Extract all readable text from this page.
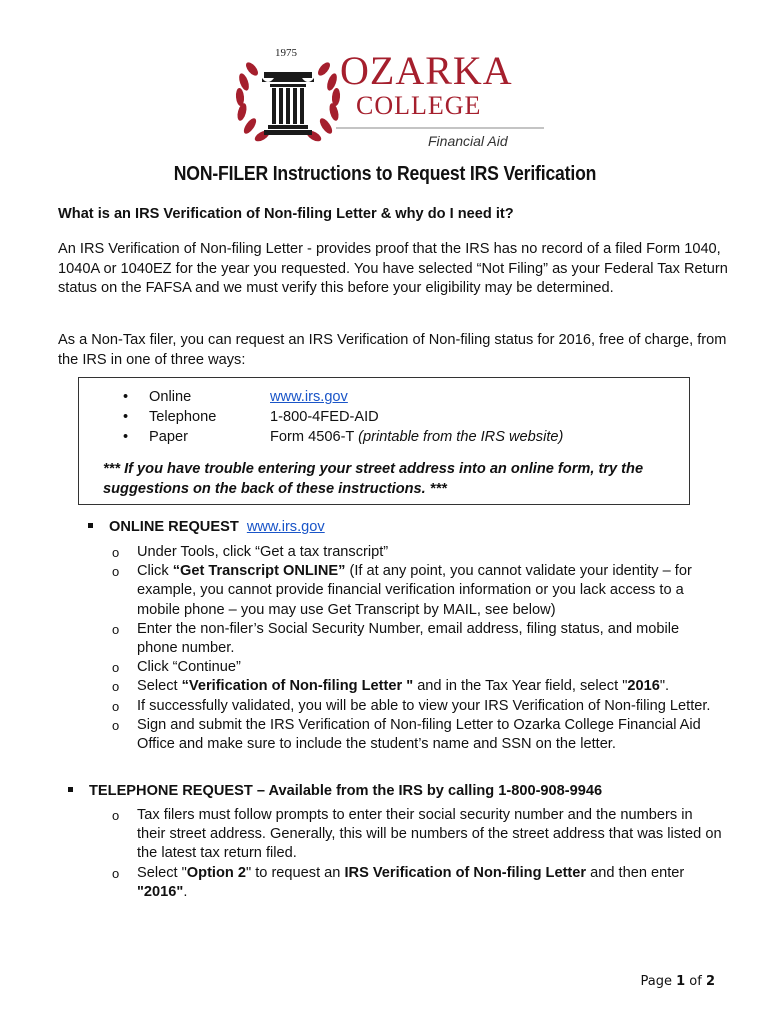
1975 OZARKA
COLLEGE
Financial Aid
NON-FILER Instructions to Request IRS Verification
What is an IRS Verification of Non-filing Letter & why do I need it?
An IRS Verification of Non-filing Letter - provides proof that the IRS has no record of a filed Form 1040, 1040A or 1040EZ for the year you requested. You have selected “Not Filing” as your Federal Tax Return status on the FAFSA and we must verify this before your eligibility may be determined.
As a Non-Tax filer, you can request an IRS Verification of Non-filing status for 2016, free of charge, from the IRS in one of three ways:
•	Online	www.irs.gov
•	Telephone	1-800-4FED-AID
•	Paper	Form 4506-T (printable from the IRS website)
*** If you have trouble entering your street address into an online form, try the suggestions on the back of these instructions. ***
ONLINE REQUEST www.irs.gov
o Under Tools, click “Get a tax transcript”
o Click “Get Transcript ONLINE” (If at any point, you cannot validate your identity – for example, you cannot provide financial verification information or you lack access to a mobile phone – you may use Get Transcript by MAIL, see below)
o Enter the non-filer’s Social Security Number, email address, filing status, and mobile phone number.
o Click “Continue”
o Select “Verification of Non-filing Letter " and in the Tax Year field, select "2016".
o If successfully validated, you will be able to view your IRS Verification of Non-filing Letter.
o Sign and submit the IRS Verification of Non-filing Letter to Ozarka College Financial Aid Office and make sure to include the student’s name and SSN on the letter.
TELEPHONE REQUEST – Available from the IRS by calling 1-800-908-9946
o Tax filers must follow prompts to enter their social security number and the numbers in their street address. Generally, this will be numbers of the street address that was listed on the latest tax return filed.
o Select "Option 2" to request an IRS Verification of Non-filing Letter and then enter "2016".
Page 1 of 2
